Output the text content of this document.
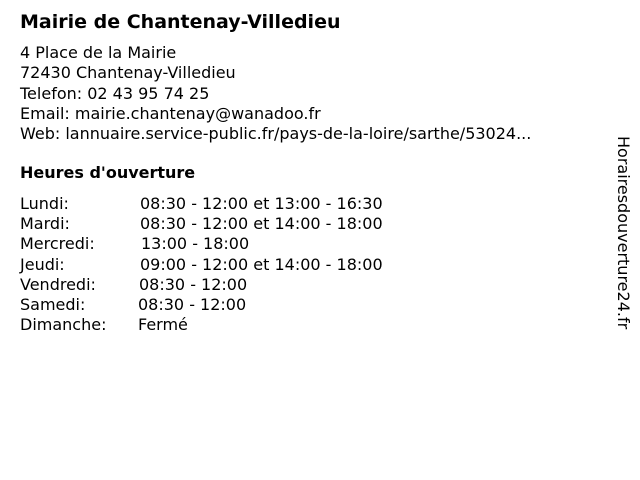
Mairie de Chantenay-Villedieu
4 Place de la Mairie
72430 Chantenay-Villedieu
Telefon: 02 43 95 74 25
Email: mairie.chantenay@wanadoo.fr
Web: lannuaire.service-public.fr/pays-de-la-loire/sarthe/53024...
Heures d'ouverture
Lundi:	08:30 - 12:00 et 13:00 - 16:30
Mardi:	08:30 - 12:00 et 14:00 - 18:00
Mercredi:	13:00 - 18:00
Jeudi:	09:00 - 12:00 et 14:00 - 18:00
Vendredi:	08:30 - 12:00
Samedi:	08:30 - 12:00
Dimanche: Fermé	Horairesdouverture24.fr
